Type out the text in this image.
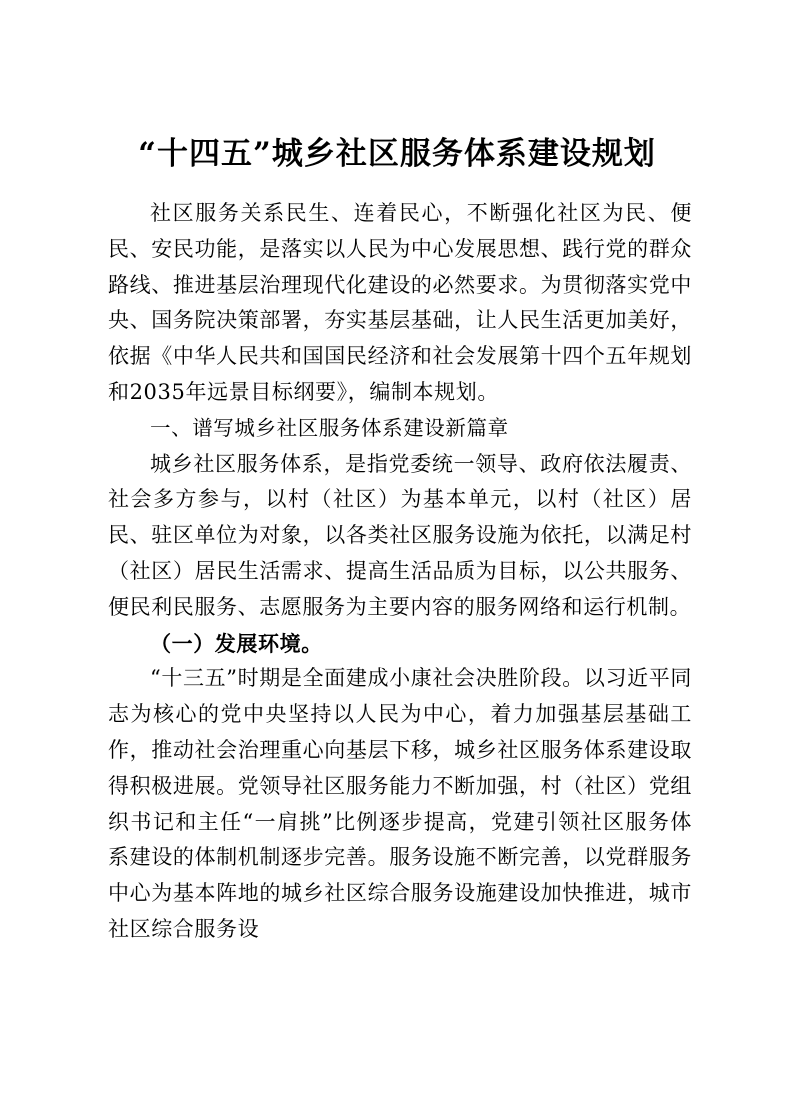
“十四五”城乡社区服务体系建设规划

社区服务关系民生、连着民心，不断强化社区为民、便民、安民功能，是落实以人民为中心发展思想、践行党的群众路线、推进基层治理现代化建设的必然要求。为贯彻落实党中央、国务院决策部署，夯实基层基础，让人民生活更加美好，依据《中华人民共和国国民经济和社会发展第十四个五年规划和2035年远景目标纲要》，编制本规划。

一、谱写城乡社区服务体系建设新篇章

城乡社区服务体系，是指党委统一领导、政府依法履责、社会多方参与，以村（社区）为基本单元，以村（社区）居民、驻区单位为对象，以各类社区服务设施为依托，以满足村（社区）居民生活需求、提高生活品质为目标，以公共服务、便民利民服务、志愿服务为主要内容的服务网络和运行机制。

（一）发展环境。

“十三五”时期是全面建成小康社会决胜阶段。以习近平同志为核心的党中央坚持以人民为中心，着力加强基层基础工作，推动社会治理重心向基层下移，城乡社区服务体系建设取得积极进展。党领导社区服务能力不断加强，村（社区）党组织书记和主任“一肩挑”比例逐步提高，党建引领社区服务体系建设的体制机制逐步完善。服务设施不断完善，以党群服务中心为基本阵地的城乡社区综合服务设施建设加快推进，城市社区综合服务设
